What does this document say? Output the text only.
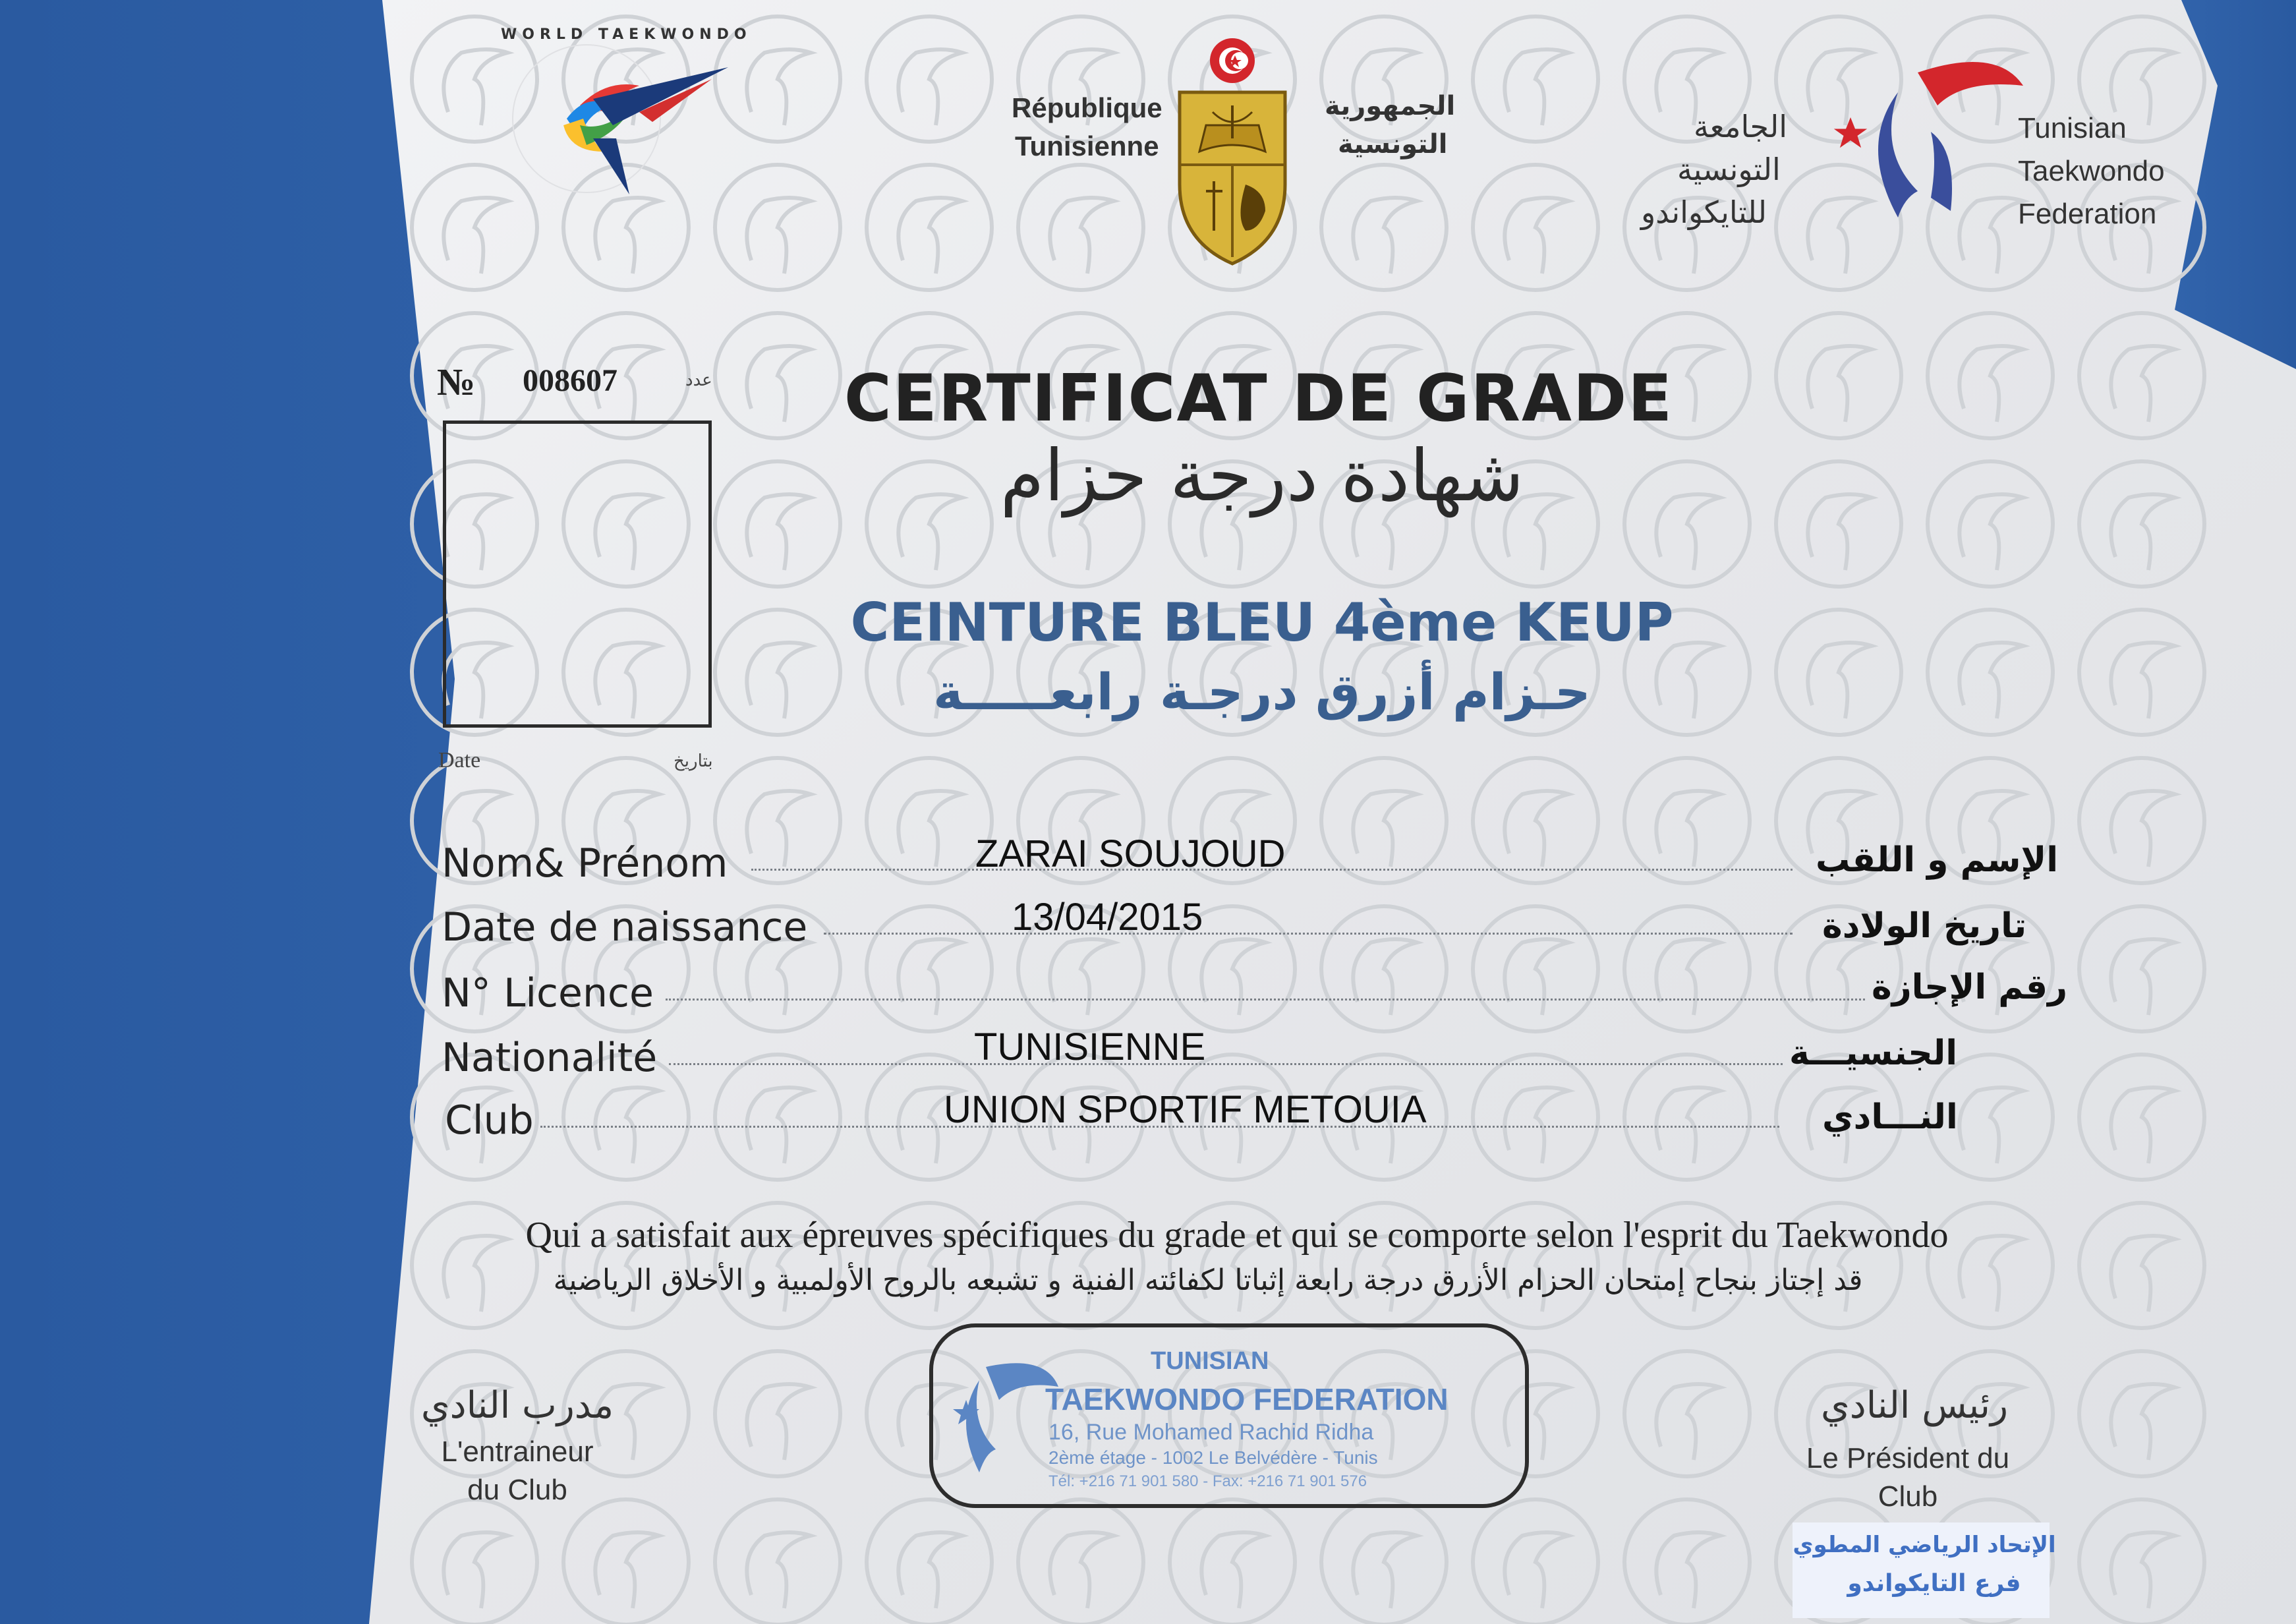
WORLD TAEKWONDO
République
Tunisienne
الجمهورية
التونسية	الجامعة
التونسية
للتايكواندو
Tunisian
Taekwondo
Federation
№ 008607	عدد
Date	بتاريخ
CERTIFICAT DE GRADE
شهادة درجة حزام
CEINTURE BLEU 4ème KEUP
حـزام أزرق درجـة رابعـــــة
Nom& Prénom	ZARAI SOUJOUD	الإسم و اللقب
Date de naissance	13/04/2015	تاريخ الولادة
N° Licence	رقم الإجازة
Nationalité	TUNISIENNE	الجنسيـــة
Club	UNION SPORTIF METOUIA	النـــادي
Qui a satisfait aux épreuves spécifiques du grade et qui se comporte selon l'esprit du Taekwondo
قد إجتاز بنجاح إمتحان الحزام الأزرق درجة رابعة إثباتا لكفائته الفنية و تشبعه بالروح الأولمبية و الأخلاق الرياضية
مدرب النادي
L'entraineur
du Club
رئيس النادي
Le Président du
Club
TUNISIAN
TAEKWONDO FEDERATION
16, Rue Mohamed Rachid Ridha
2ème étage - 1002 Le Belvédère - Tunis
Tél: +216 71 901 580 - Fax: +216 71 901 576
الإتحاد الرياضي المطوي
فرع التايكواندو
